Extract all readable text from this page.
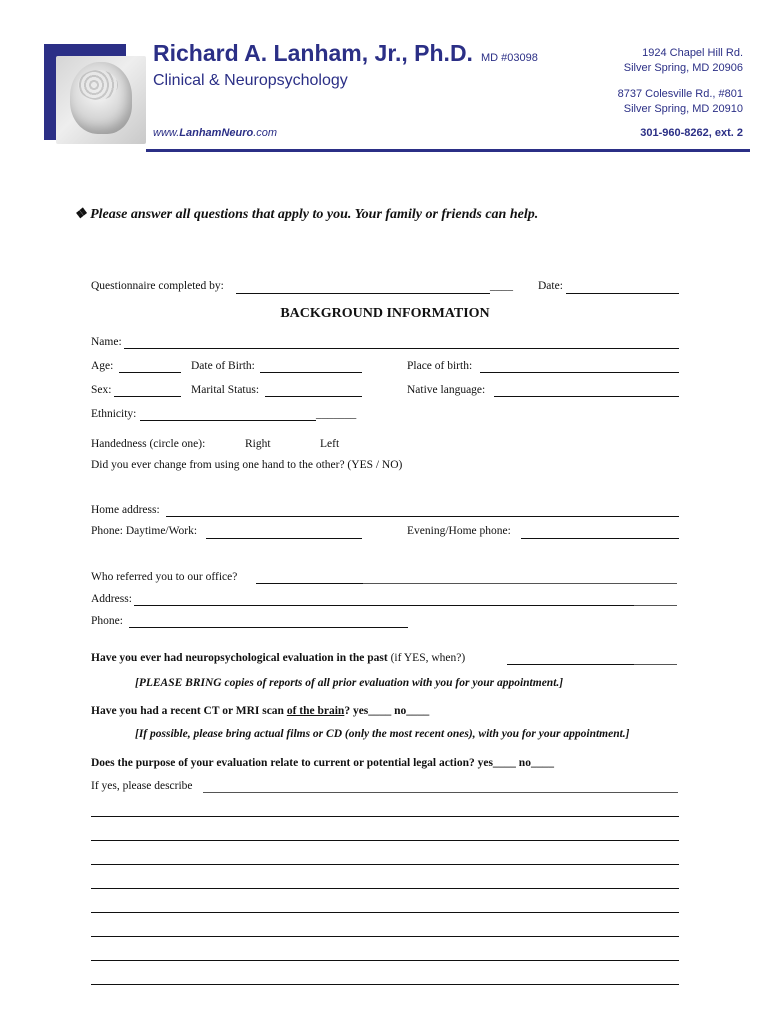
Richard A. Lanham, Jr., Ph.D. MD #03098
Clinical & Neuropsychology
www.LanhamNeuro.com
1924 Chapel Hill Rd.
Silver Spring, MD 20906
8737 Colesville Rd., #801
Silver Spring, MD 20910
301-960-8262, ext. 2
❖ Please answer all questions that apply to you. Your family or friends can help.
Questionnaire completed by:	____ Date:
BACKGROUND INFORMATION
Name:
Age:	Date of Birth:	Place of birth:
Sex:	Marital Status:	Native language:
Ethnicity:	_______
Handedness (circle one):	Right	Left
Did you ever change from using one hand to the other? (YES / NO)
Home address:
Phone: Daytime/Work:	Evening/Home phone:
Who referred you to our office?
Address:
Phone:
Have you ever had neuropsychological evaluation in the past (if YES, when?)
[PLEASE BRING copies of reports of all prior evaluation with you for your appointment.]
Have you had a recent CT or MRI scan of the brain? yes____ no____
[If possible, please bring actual films or CD (only the most recent ones), with you for your appointment.]
Does the purpose of your evaluation relate to current or potential legal action? yes____ no____
If yes, please describe
